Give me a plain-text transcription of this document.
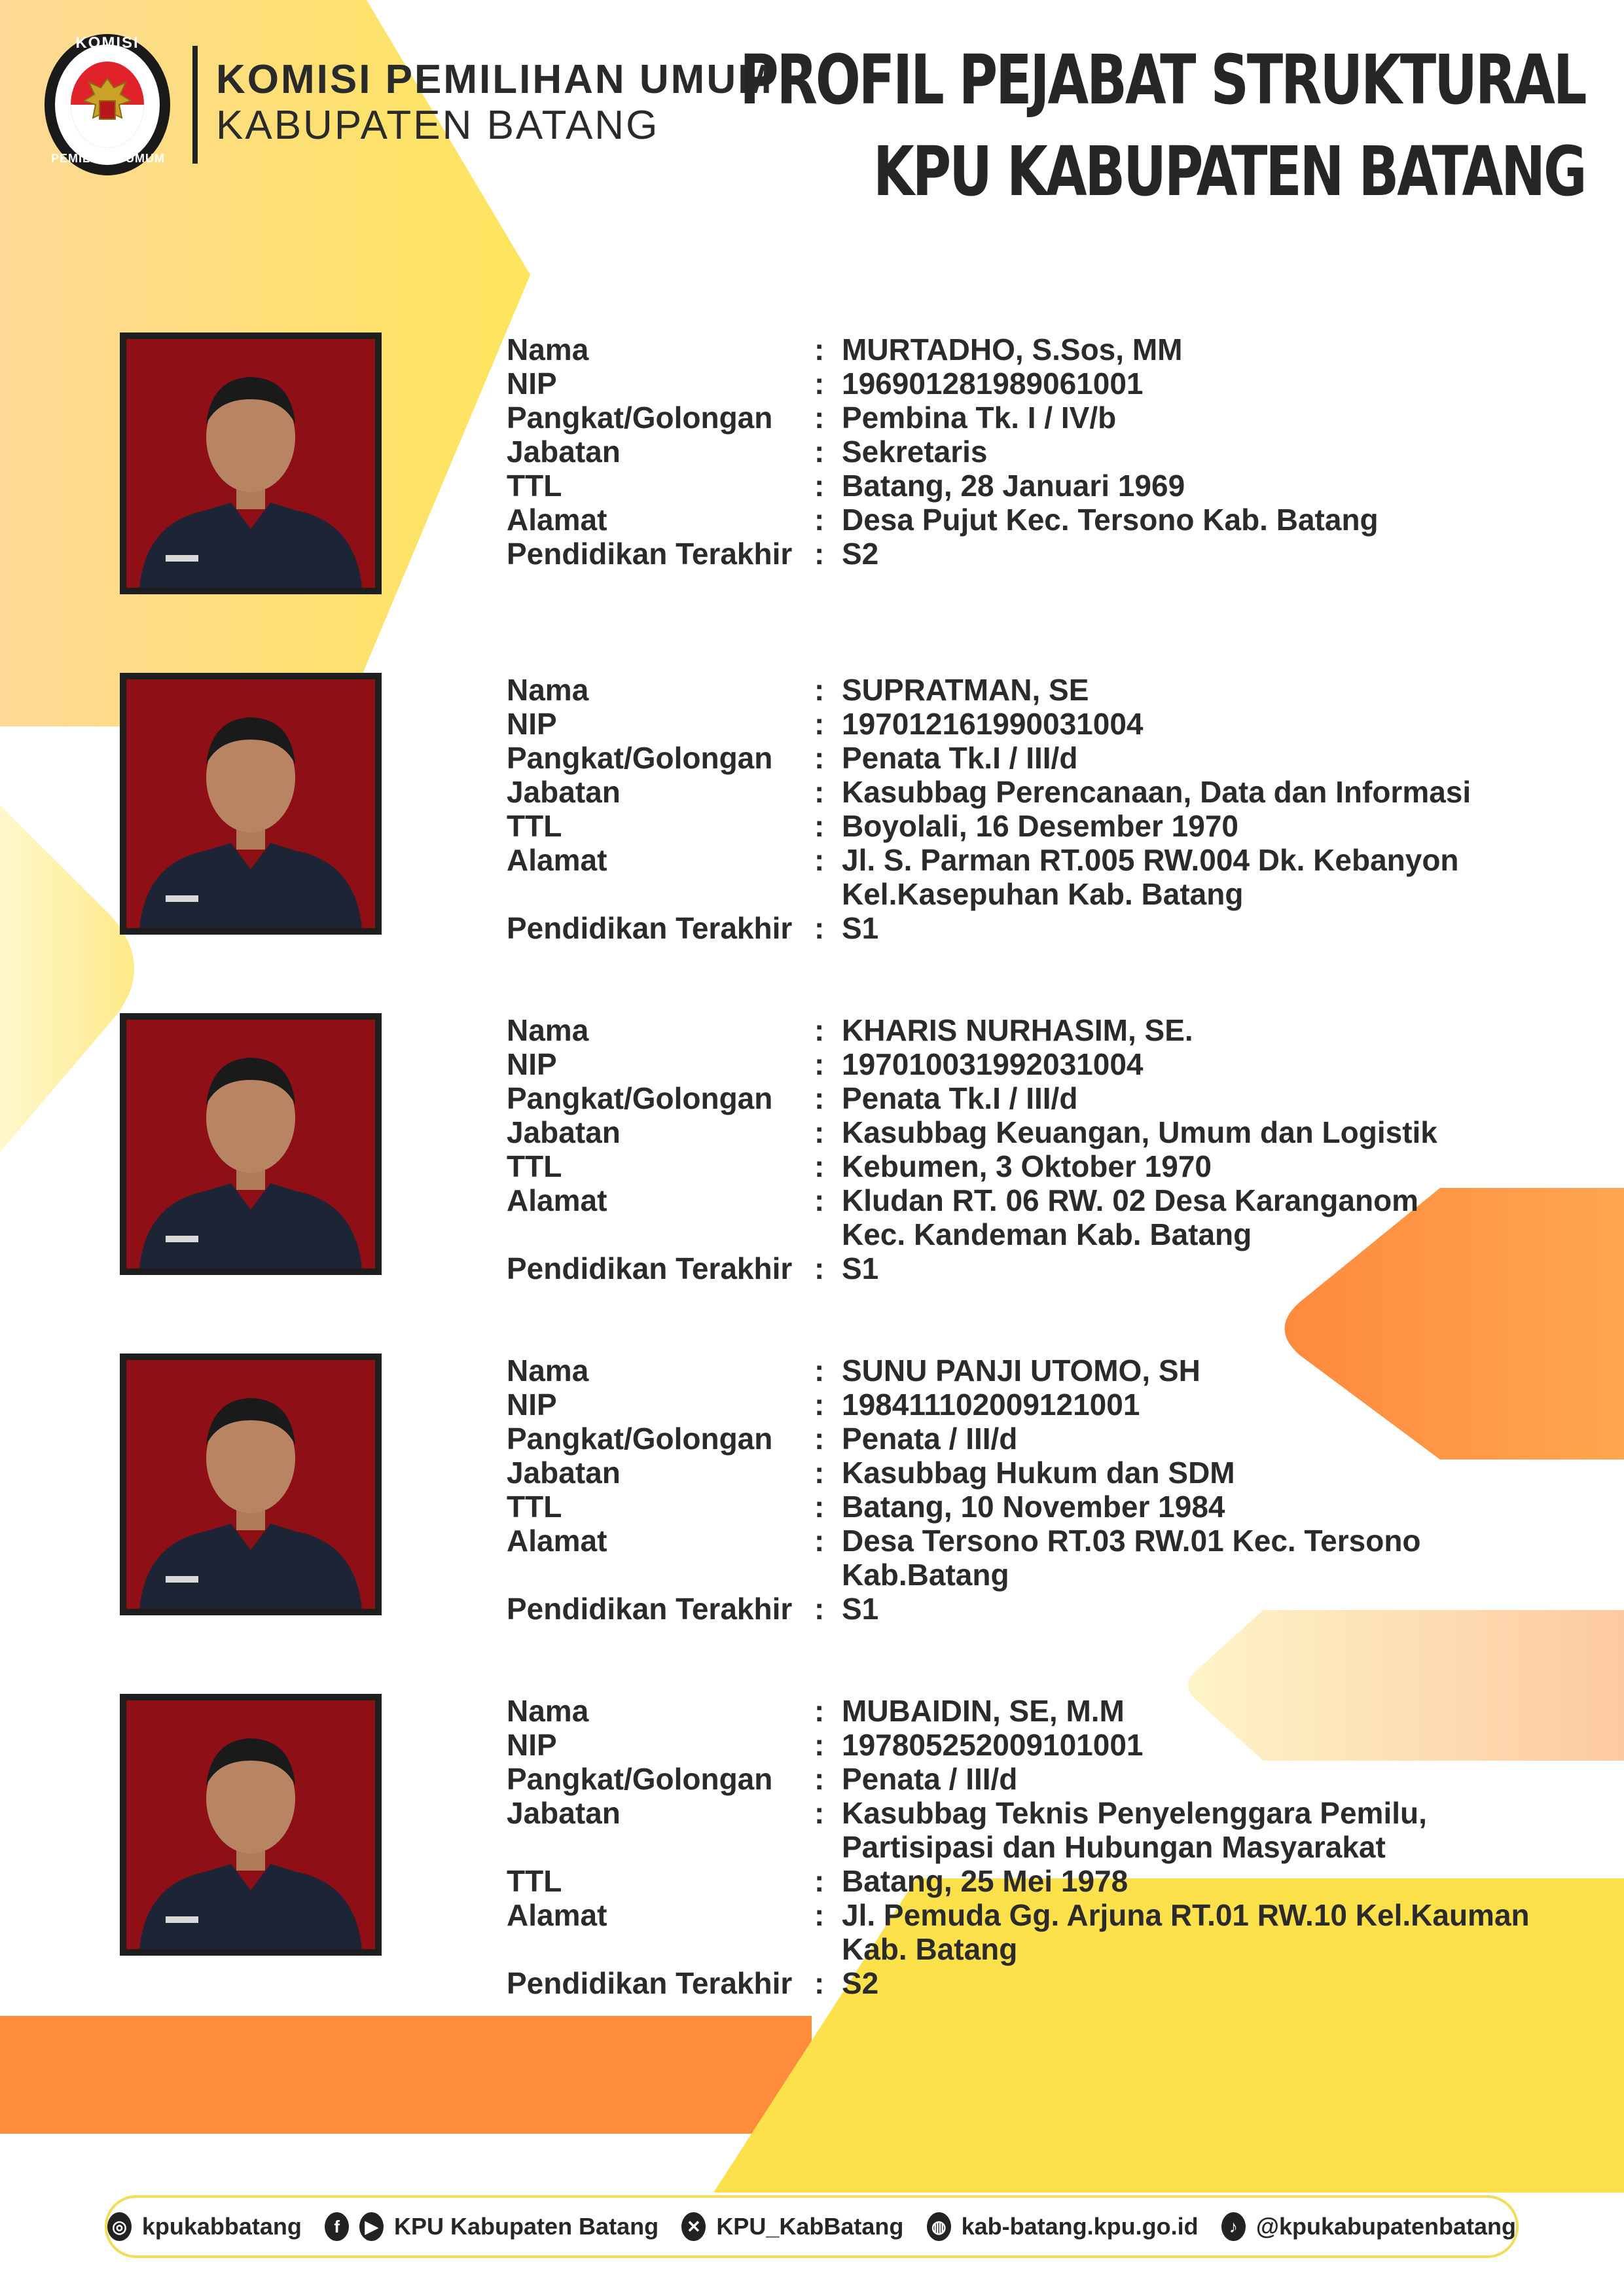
KOMISI
PEMILIHAN UMUM
KOMISI PEMILIHAN UMUM
KABUPATEN BATANG
PROFIL PEJABAT STRUKTURAL
KPU KABUPATEN BATANG
Nama	: MURTADHO, S.Sos, MM
NIP	: 196901281989061001
Pangkat/Golongan	: Pembina Tk. I / IV/b
Jabatan	: Sekretaris
TTL	: Batang, 28 Januari 1969
Alamat	: Desa Pujut Kec. Tersono Kab. Batang
Pendidikan Terakhir : S2
Nama	: SUPRATMAN, SE
NIP	: 197012161990031004
Pangkat/Golongan	: Penata Tk.I / III/d
Jabatan	: Kasubbag Perencanaan, Data dan Informasi
TTL	: Boyolali, 16 Desember 1970
Alamat	: Jl. S. Parman RT.005 RW.004 Dk. Kebanyon
Kel.Kasepuhan Kab. Batang
Pendidikan Terakhir : S1
Nama	: KHARIS NURHASIM, SE.
NIP	: 197010031992031004
Pangkat/Golongan	: Penata Tk.I / III/d
Jabatan	: Kasubbag Keuangan, Umum dan Logistik
TTL	: Kebumen, 3 Oktober 1970
Alamat	: Kludan RT. 06 RW. 02 Desa Karanganom
Kec. Kandeman Kab. Batang
Pendidikan Terakhir : S1
Nama	: SUNU PANJI UTOMO, SH
NIP	: 198411102009121001
Pangkat/Golongan	: Penata / III/d
Jabatan	: Kasubbag Hukum dan SDM
TTL	: Batang, 10 November 1984
Alamat	: Desa Tersono RT.03 RW.01 Kec. Tersono
Kab.Batang
Pendidikan Terakhir : S1
Nama	: MUBAIDIN, SE, M.M
NIP	: 197805252009101001
Pangkat/Golongan	: Penata / III/d
Jabatan	: Kasubbag Teknis Penyelenggara Pemilu,
Partisipasi dan Hubungan Masyarakat
TTL	: Batang, 25 Mei 1978
Alamat	: Jl. Pemuda Gg. Arjuna RT.01 RW.10 Kel.Kauman
Kab. Batang
Pendidikan Terakhir : S2
◎ kpukabbatang	f	▶ KPU Kabupaten Batang ✕ KPU_KabBatang ◍ kab-batang.kpu.go.id	♪ @kpukabupatenbatang
